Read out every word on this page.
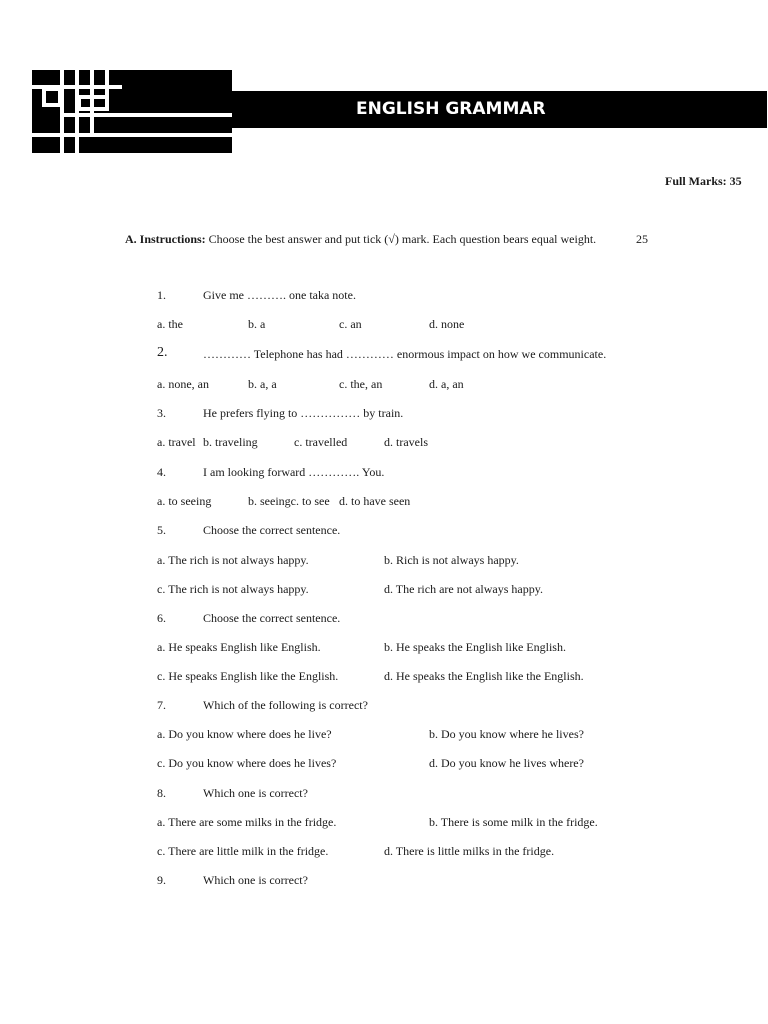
ENGLISH GRAMMAR
Full Marks: 35
A. Instructions: Choose the best answer and put tick (√) mark. Each question bears equal weight.	25
1.	Give me ………. one taka note.
a. the	b. a	c. an	d. none
2.	………… Telephone has had ………… enormous impact on how we communicate.
a. none, an	b. a, a	c. the, an	d. a, an
3.	He prefers flying to …………… by train.
a. travel b. traveling	c. travelled	d. travels
4.	I am looking forward …………. You.
a. to seeing	b. seeingc. to see d. to have seen
5.	Choose the correct sentence.
a. The rich is not always happy.	b. Rich is not always happy.
c. The rich is not always happy.	d. The rich are not always happy.
6.	Choose the correct sentence.
a. He speaks English like English.	b. He speaks the English like English.
c. He speaks English like the English.	d. He speaks the English like the English.
7.	Which of the following is correct?
a. Do you know where does he live?	b. Do you know where he lives?
c. Do you know where does he lives?	d. Do you know he lives where?
8.	Which one is correct?
a. There are some milks in the fridge.	b. There is some milk in the fridge.
c. There are little milk in the fridge.	d. There is little milks in the fridge.
9.	Which one is correct?
